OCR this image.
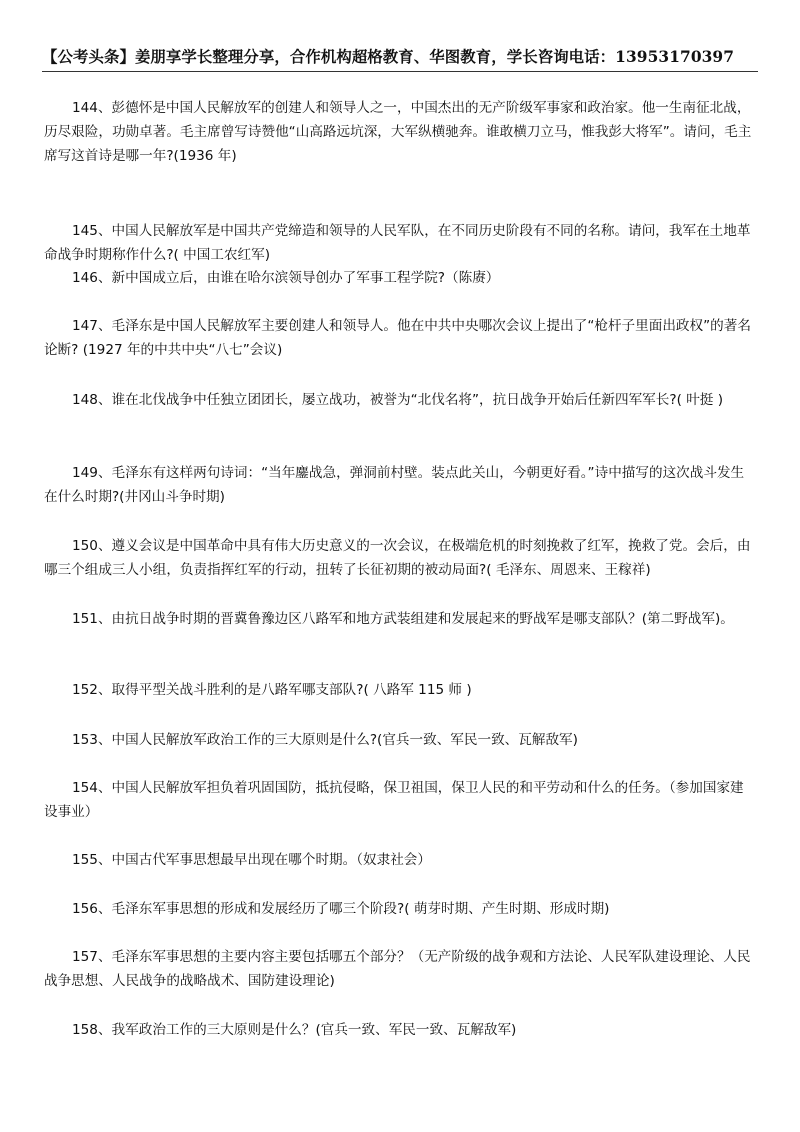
【公考头条】姜朋享学长整理分享，合作机构超格教育、华图教育，学长咨询电话：13953170397

144、彭德怀是中国人民解放军的创建人和领导人之一，中国杰出的无产阶级军事家和政治家。他一生南征北战，历尽艰险，功勋卓著。毛主席曾写诗赞他“山高路远坑深，大军纵横驰奔。谁敢横刀立马，惟我彭大将军”。请问，毛主席写这首诗是哪一年?(1936 年)

145、中国人民解放军是中国共产党缔造和领导的人民军队，在不同历史阶段有不同的名称。请问，我军在土地革命战争时期称作什么?( 中国工农红军)

146、新中国成立后，由谁在哈尔滨领导创办了军事工程学院?（陈赓）

147、毛泽东是中国人民解放军主要创建人和领导人。他在中共中央哪次会议上提出了“枪杆子里面出政权”的著名论断? (1927 年的中共中央“八七”会议)

148、谁在北伐战争中任独立团团长，屡立战功，被誉为“北伐名将”，抗日战争开始后任新四军军长?( 叶挺 )

149、毛泽东有这样两句诗词：“当年鏖战急，弹洞前村壁。装点此关山，今朝更好看。”诗中描写的这次战斗发生在什么时期?(井冈山斗争时期)

150、遵义会议是中国革命中具有伟大历史意义的一次会议，在极端危机的时刻挽救了红军，挽救了党。会后，由哪三个组成三人小组，负责指挥红军的行动，扭转了长征初期的被动局面?( 毛泽东、周恩来、王稼祥)

151、由抗日战争时期的晋冀鲁豫边区八路军和地方武装组建和发展起来的野战军是哪支部队？(第二野战军)。

152、取得平型关战斗胜利的是八路军哪支部队?( 八路军 115 师 )

153、中国人民解放军政治工作的三大原则是什么?(官兵一致、军民一致、瓦解敌军)

154、中国人民解放军担负着巩固国防，抵抗侵略，保卫祖国，保卫人民的和平劳动和什么的任务。（参加国家建设事业）

155、中国古代军事思想最早出现在哪个时期。（奴隶社会）

156、毛泽东军事思想的形成和发展经历了哪三个阶段?( 萌芽时期、产生时期、形成时期)

157、毛泽东军事思想的主要内容主要包括哪五个部分？（无产阶级的战争观和方法论、人民军队建设理论、人民战争思想、人民战争的战略战术、国防建设理论)

158、我军政治工作的三大原则是什么？(官兵一致、军民一致、瓦解敌军)
